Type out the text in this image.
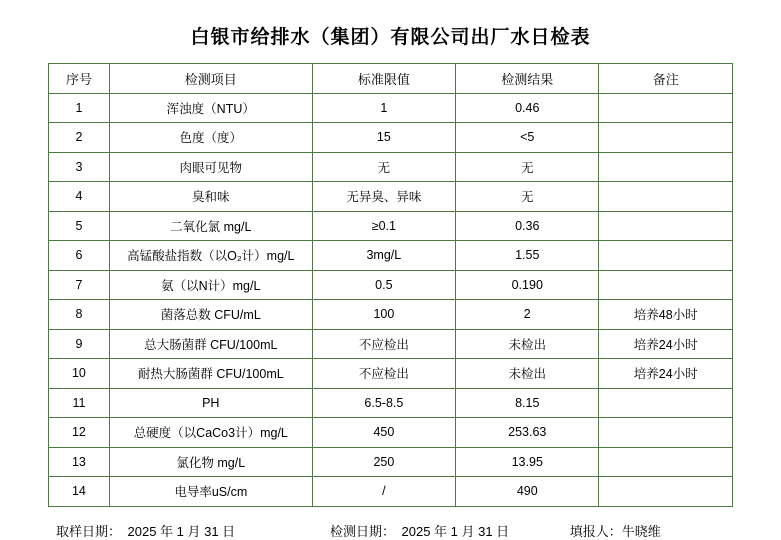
白银市给排水（集团）有限公司出厂水日检表
序号	检测项目	标准限值	检测结果	备注
1	浑浊度（NTU）	1	0.46	
2	色度（度）	15	<5	
3	肉眼可见物	无	无	
4	臭和味	无异臭、异味	无	
5	二氧化氯 mg/L	≥0.1	0.36	
6	高锰酸盐指数（以O₂计）mg/L	3mg/L	1.55	
7	氨（以N计）mg/L	0.5	0.190	
8	菌落总数 CFU/mL	100	2	培养48小时
9	总大肠菌群 CFU/100mL	不应检出	未检出	培养24小时
10	耐热大肠菌群 CFU/100mL	不应检出	未检出	培养24小时
11	PH	6.5-8.5	8.15	
12	总硬度（以CaCo3计）mg/L	450	253.63	
13	氯化物 mg/L	250	13.95	
14	电导率uS/cm	/	490	
取样日期：　2025 年 1 月 31 日	检测日期：　2025 年 1 月 31 日	填报人：牛晓维
